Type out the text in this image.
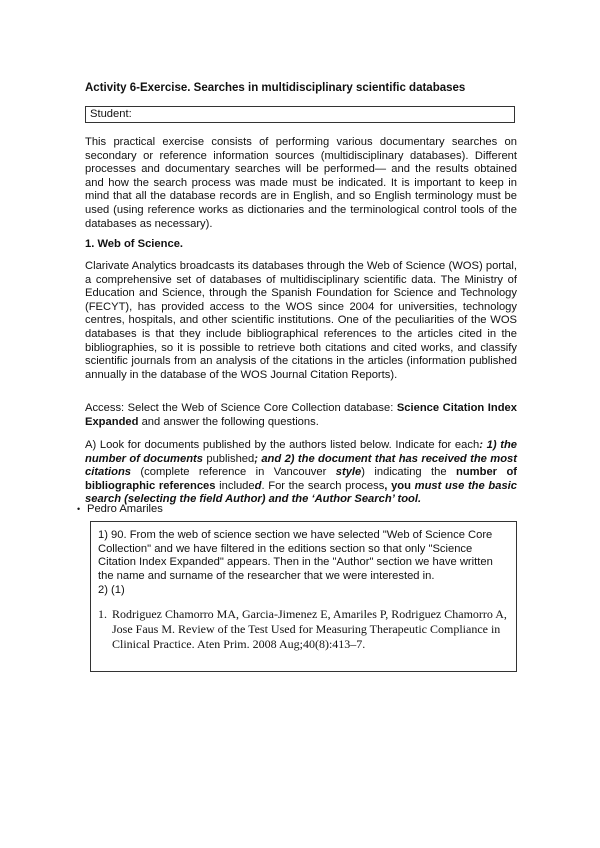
Activity 6-Exercise. Searches in multidisciplinary scientific databases
Student:
This practical exercise consists of performing various documentary searches on secondary or reference information sources (multidisciplinary databases). Different processes and documentary searches will be performed— and the results obtained and how the search process was made must be indicated. It is important to keep in mind that all the database records are in English, and so English terminology must be used (using reference works as dictionaries and the terminological control tools of the databases as necessary).
1. Web of Science.
Clarivate Analytics broadcasts its databases through the Web of Science (WOS) portal, a comprehensive set of databases of multidisciplinary scientific data. The Ministry of Education and Science, through the Spanish Foundation for Science and Technology (FECYT), has provided access to the WOS since 2004 for universities, technology centres, hospitals, and other scientific institutions. One of the peculiarities of the WOS databases is that they include bibliographical references to the articles cited in the bibliographies, so it is possible to retrieve both citations and cited works, and classify scientific journals from an analysis of the citations in the articles (information published annually in the database of the WOS Journal Citation Reports).
Access: Select the Web of Science Core Collection database: Science Citation Index Expanded and answer the following questions.
A) Look for documents published by the authors listed below. Indicate for each: 1) the number of documents published; and 2) the document that has received the most citations (complete reference in Vancouver style) indicating the number of bibliographic references included. For the search process, you must use the basic search (selecting the field Author) and the ‘Author Search’ tool.
• Pedro Amariles
1) 90. From the web of science section we have selected "Web of Science Core Collection" and we have filtered in the editions section so that only "Science Citation Index Expanded" appears. Then in the "Author" section we have written the name and surname of the researcher that we were interested in.
2) (1)
1. Rodriguez Chamorro MA, Garcia-Jimenez E, Amariles P, Rodriguez Chamorro A, Jose Faus M. Review of the Test Used for Measuring Therapeutic Compliance in Clinical Practice. Aten Prim. 2008 Aug;40(8):413–7.
